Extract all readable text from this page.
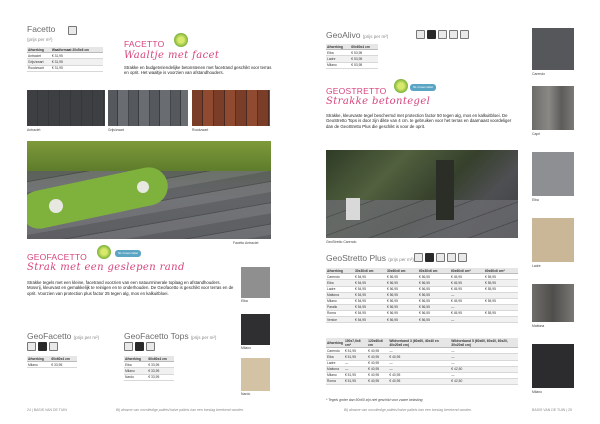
Facetto
(prijs per m²)
Afwerking	Waalformaat 20x5x6 cm
Antraciet	€ 31,95
Grijs/zwart	€ 31,95
Roodzwart	€ 31,95
FACETTO
Waaltje met facet
Strakke en budgetvriendelijke betonstenen met facetrand geschikt voor terras en oprit. Het waaltje is voorzien van afstandhouders.
Antraciet	Grijs/zwart	Roodzwart
Facetto Antraciet
GEOFACETTO	NL Groen label
Strak met een geslepen rand
Strakke tegels met een kleine, facetrand voorzien van een natuurminerale toplaag en afstandhouders. Mosvrij, kleurvast en gemakkelijk te reinigen en te onderhouden. De Geofacetto is geschikt voor terras en de oprit. Voorzien van protection plus factor 25 tegen alg, mos en kalkuitbloei.
Elba
Milano
Nardo
GeoFacetto (prijs per m²)
Afwerking	60x60x4 cm
Milano	€ 33,95
GeoFacetto Tops (prijs per m²)
Afwerking	60x60x4 cm
Elba	€ 33,95
Milano	€ 33,95
Nardo	€ 33,95
24 | BASIS VAN DE TUIN	Bij afname van onvolledige pallets/halve pallets kan een toeslag berekend worden.
GeoAlivo (prijs per m²)
Afwerking	60x60x4 cm
Elba	€ 53,95
Ladre	€ 53,95
Milano	€ 53,95
GEOSTRETTO	NL Groen label
Strakke betontegel
Strakke, kleurvaste tegel beschermd met protection factor 50 tegen alg, mos en kalkuitbloei. De GeoStretto Tops is door zijn dikte van 4 cm. te gebruiken voor het terras en daarnaast voordeliger dan de GeoStretto Plus die geschikt is voor de oprit.
GeoStretto Carendo
GeoStretto Plus (prijs per m²)
Afwerking	30x30x6 cm	30x60x6 cm	60x30x6 cm	60x60x6 cm*	60x60x6 cm*
Carendo	€ 54,95	€ 56,95	€ 56,55	€ 45,95	€ 55,95
Elba	€ 54,95	€ 56,95	€ 56,55	€ 45,95	€ 55,95
Ladre	€ 54,95	€ 56,95	€ 56,55	€ 45,95	€ 55,95
Mattona	€ 54,95	€ 56,95	€ 56,55	—	
Milano	€ 54,95	€ 56,95	€ 56,55	€ 45,95	€ 55,95
Parallo	€ 54,95	€ 56,95	€ 56,55	—	
Roma	€ 54,95	€ 56,95	€ 56,55	€ 45,95	€ 55,95
Venice	€ 54,95	€ 56,95	€ 56,55	—	
Afwerking	150x7,5x6 cm*	120x60x6 cm	Wildverband 3 (60x60, 40x40 en 40x20x6 cm)	Wildverband 5 (60x60, 60x40, 60x20, 30x20x6 cm)
Carendo	€ 51,95	€ 40,95	—	—
Elba	€ 51,95	€ 40,95	€ 40,95	—
Ladre	—	€ 40,95	—	—
Mattona	—	€ 40,95	—	€ 42,50
Milano	€ 51,95	€ 40,95	€ 40,95	—
Roma	€ 51,95	€ 40,95	€ 40,95	€ 42,50
* Tegels groter dan 60x60 zijn niet geschikt voor zware belasting
Carendo
Capri
Elba
Ladre
Mattona
Milano
Bij afname van onvolledige pallets/halve pallets kan een toeslag berekend worden.	BASIS VAN DE TUIN | 25
